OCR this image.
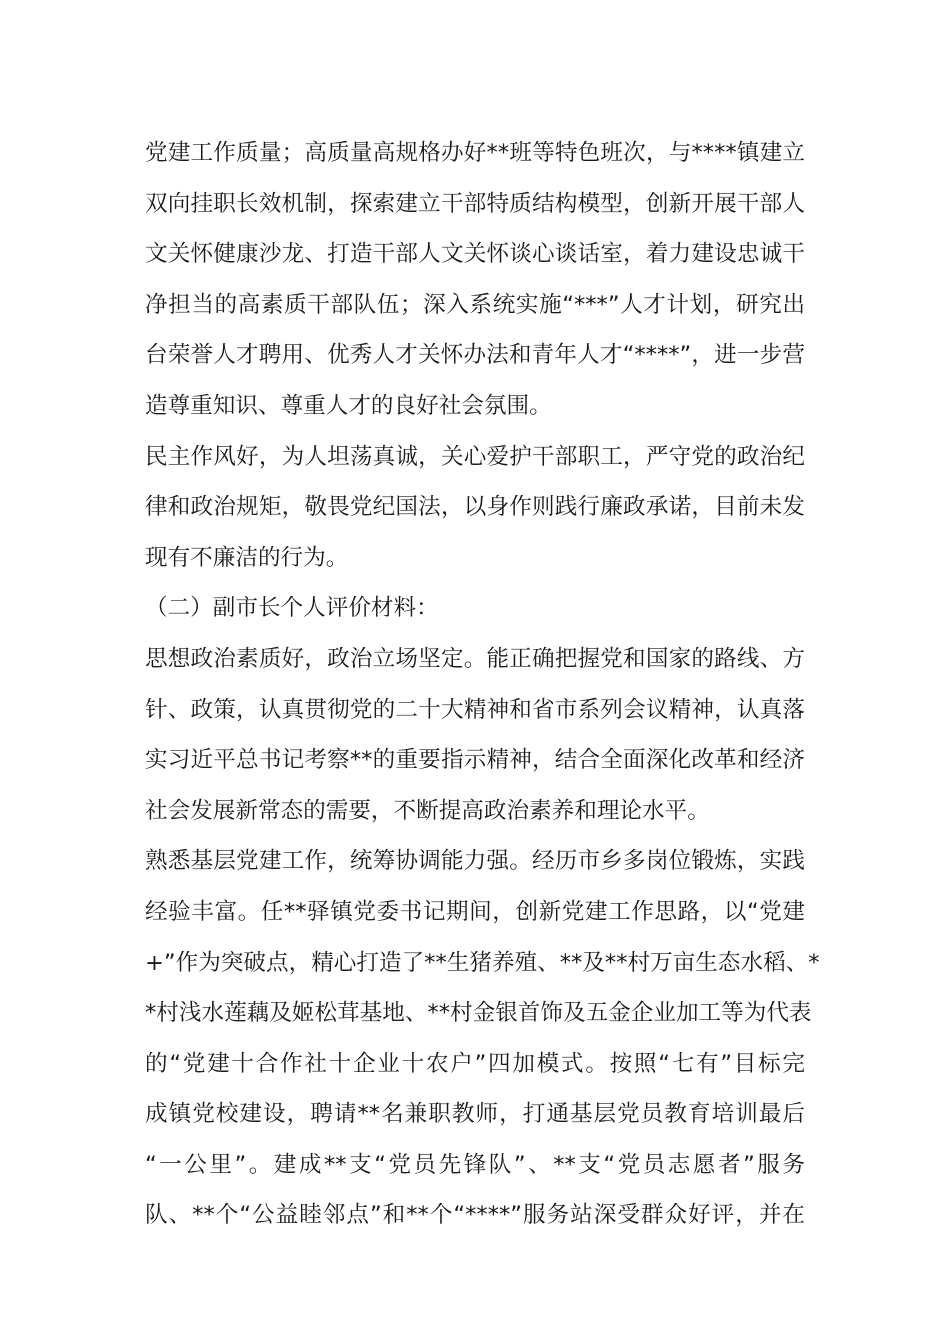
党建工作质量；高质量高规格办好**班等特色班次，与****镇建立
双向挂职长效机制，探索建立干部特质结构模型，创新开展干部人
文关怀健康沙龙、打造干部人文关怀谈心谈话室，着力建设忠诚干
净担当的高素质干部队伍；深入系统实施“***”人才计划，研究出
台荣誉人才聘用、优秀人才关怀办法和青年人才“****”，进一步营
造尊重知识、尊重人才的良好社会氛围。
民主作风好，为人坦荡真诚，关心爱护干部职工，严守党的政治纪
律和政治规矩，敬畏党纪国法，以身作则践行廉政承诺，目前未发
现有不廉洁的行为。
（二）副市长个人评价材料：
思想政治素质好，政治立场坚定。能正确把握党和国家的路线、方
针、政策，认真贯彻党的二十大精神和省市系列会议精神，认真落
实习近平总书记考察**的重要指示精神，结合全面深化改革和经济
社会发展新常态的需要，不断提高政治素养和理论水平。
熟悉基层党建工作，统筹协调能力强。经历市乡多岗位锻炼，实践
经验丰富。任**驿镇党委书记期间，创新党建工作思路，以“党建
+”作为突破点，精心打造了**生猪养殖、**及**村万亩生态水稻、*
*村浅水莲藕及姬松茸基地、**村金银首饰及五金企业加工等为代表
的“党建十合作社十企业十农户”四加模式。按照“七有”目标完
成镇党校建设，聘请**名兼职教师，打通基层党员教育培训最后
“一公里”。建成**支“党员先锋队”、**支“党员志愿者”服务
队、**个“公益睦邻点”和**个“****”服务站深受群众好评，并在
